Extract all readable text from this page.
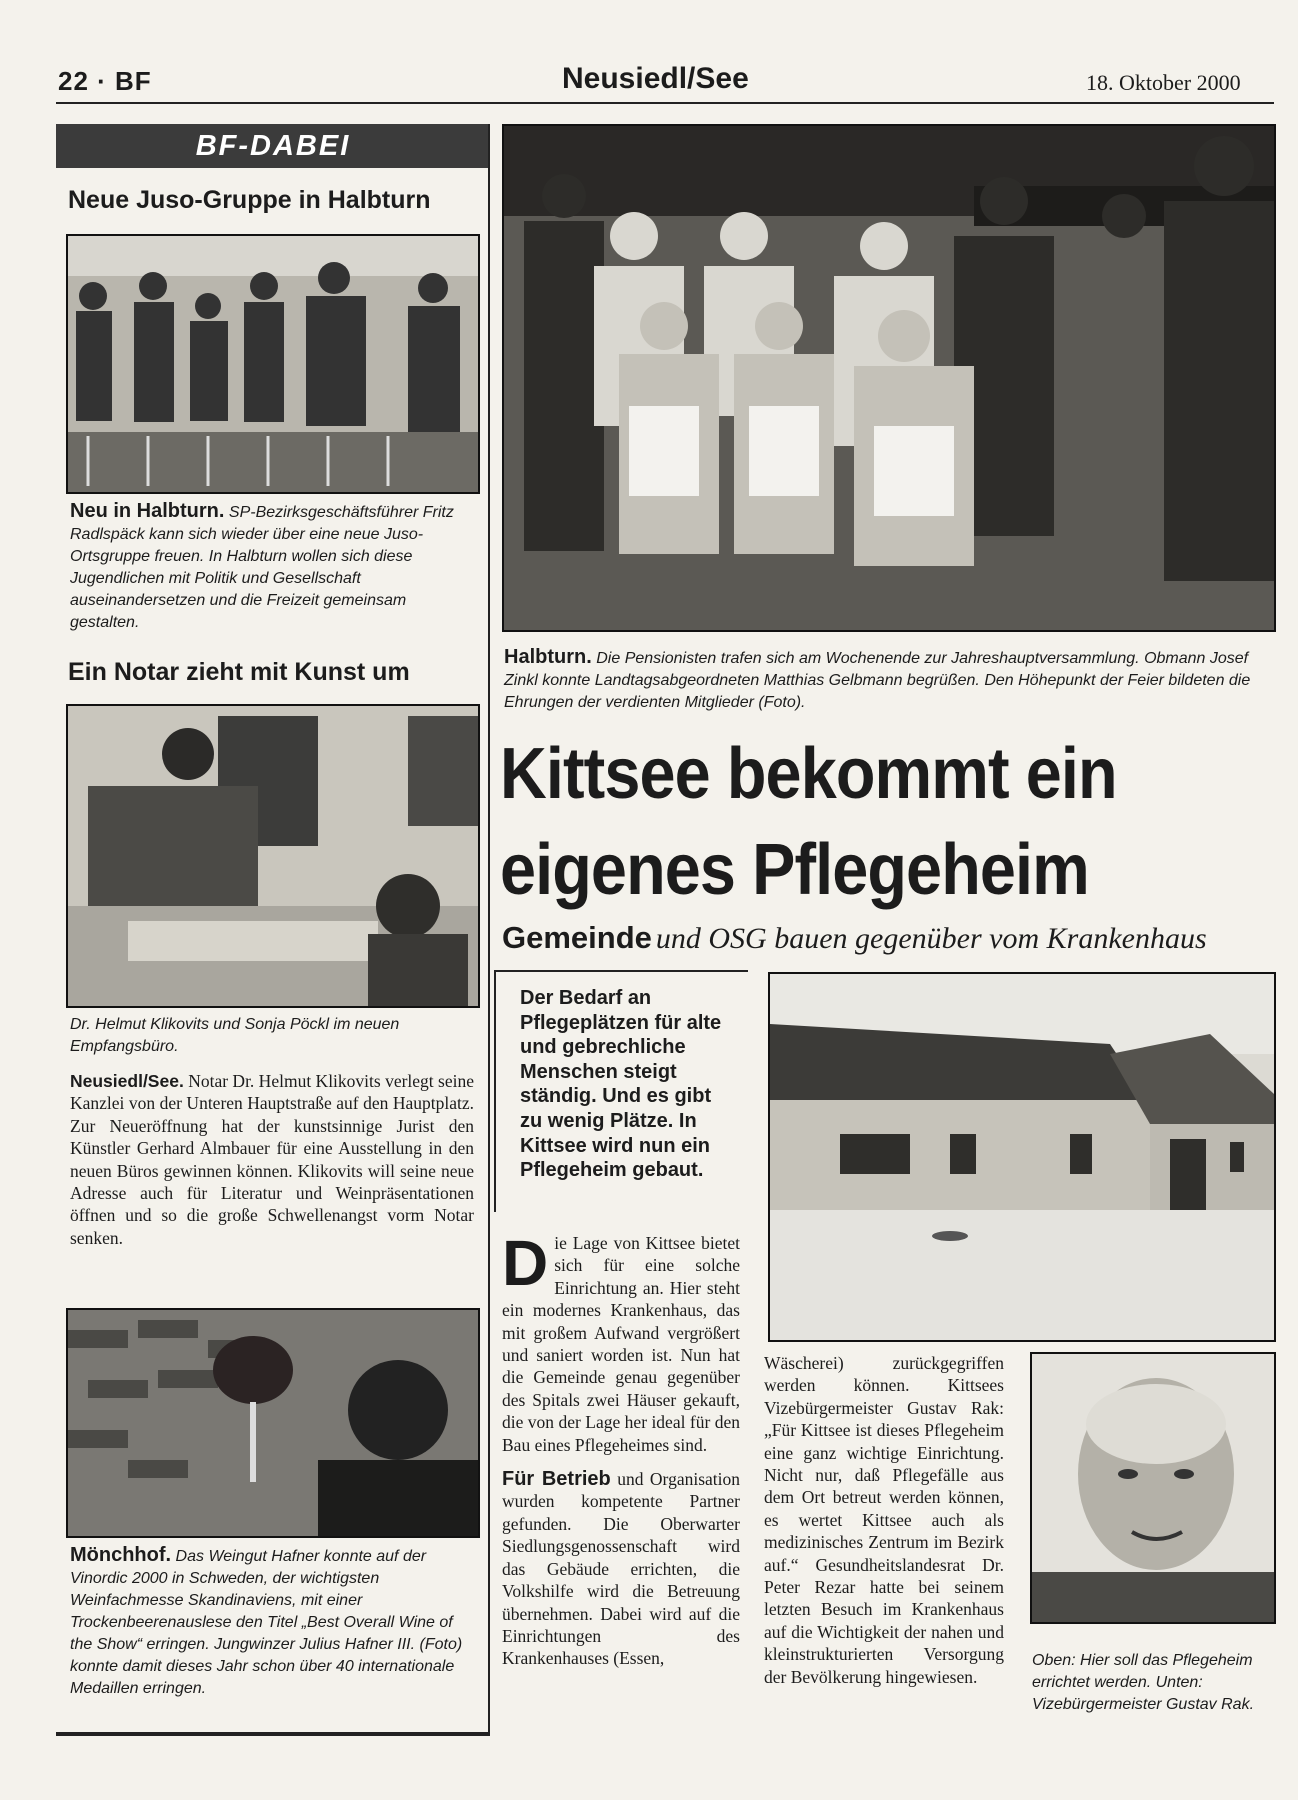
22 · BF	Neusiedl/See	18. Oktober 2000
BF-DABEI
Neue Juso-Gruppe in Halbturn
Neu in Halbturn. SP-Bezirksgeschäftsführer Fritz Radlspäck kann sich wieder über eine neue Juso-Ortsgruppe freuen. In Halbturn wollen sich diese Jugendlichen mit Politik und Gesellschaft auseinandersetzen und die Freizeit gemeinsam gestalten.
Ein Notar zieht mit Kunst um
Dr. Helmut Klikovits und Sonja Pöckl im neuen Empfangsbüro.
Neusiedl/See. Notar Dr. Helmut Klikovits verlegt seine Kanzlei von der Unteren Hauptstraße auf den Hauptplatz. Zur Neueröffnung hat der kunstsinnige Jurist den Künstler Gerhard Almbauer für eine Ausstellung in den neuen Büros gewinnen können. Klikovits will seine neue Adresse auch für Literatur und Weinpräsentationen öffnen und so die große Schwellenangst vorm Notar senken.
Mönchhof. Das Weingut Hafner konnte auf der Vinordic 2000 in Schweden, der wichtigsten Weinfachmesse Skandinaviens, mit einer Trockenbeerenauslese den Titel „Best Overall Wine of the Show“ erringen. Jungwinzer Julius Hafner III. (Foto) konnte damit dieses Jahr schon über 40 internationale Medaillen erringen.
Halbturn. Die Pensionisten trafen sich am Wochenende zur Jahreshauptversammlung. Obmann Josef Zinkl konnte Landtagsabgeordneten Matthias Gelbmann begrüßen. Den Höhepunkt der Feier bildeten die Ehrungen der verdienten Mitglieder (Foto).
Kittsee bekommt ein
eigenes Pflegeheim
Gemeinde und OSG bauen gegenüber vom Krankenhaus
Der Bedarf an Pflegeplätzen für alte und gebrechliche Menschen steigt ständig. Und es gibt zu wenig Plätze. In Kittsee wird nun ein Pflegeheim gebaut.
D ie Lage von Kittsee bietet sich für eine solche Einrichtung an. Hier steht ein modernes Krankenhaus, das mit großem Aufwand vergrößert und saniert worden ist. Nun hat die Gemeinde genau gegenüber des Spitals zwei Häuser gekauft, die von der Lage her ideal für den Bau eines Pflegeheimes sind.
Für Betrieb und Organisation wurden kompetente Partner gefunden. Die Oberwarter Siedlungsgenossenschaft wird das Gebäude errichten, die Volkshilfe wird die Betreuung übernehmen. Dabei wird auf die Einrichtungen des Krankenhauses (Essen,
Wäscherei) zurückgegriffen werden können. Kittsees Vizebürgermeister Gustav Rak: „Für Kittsee ist dieses Pflegeheim eine ganz wichtige Einrichtung. Nicht nur, daß Pflegefälle aus dem Ort betreut werden können, es wertet Kittsee auch als medizinisches Zentrum im Bezirk auf.“ Gesundheitslandesrat Dr. Peter Rezar hatte bei seinem letzten Besuch im Krankenhaus auf die Wichtigkeit der nahen und kleinstrukturierten Versorgung der Bevölkerung hingewiesen.
Oben: Hier soll das Pflegeheim errichtet werden. Unten: Vizebürgermeister Gustav Rak.
